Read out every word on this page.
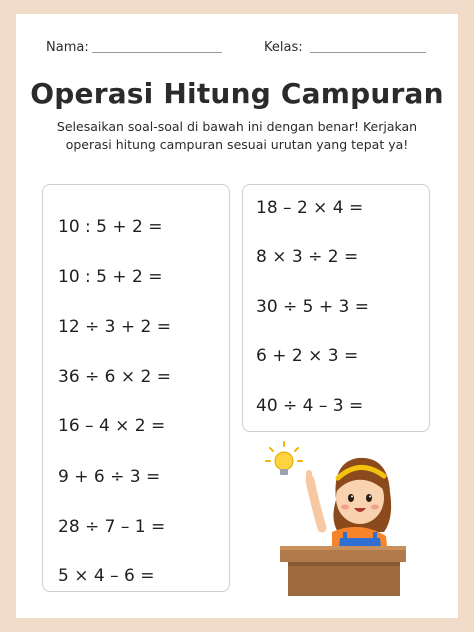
Nama:	Kelas:
Operasi Hitung Campuran
Selesaikan soal-soal di bawah ini dengan benar! Kerjakan
operasi hitung campuran sesuai urutan yang tepat ya!
10 : 5 + 2 =
10 : 5 + 2 =
12 ÷ 3 + 2 =
36 ÷ 6 × 2 =
16 – 4 × 2 =
9 + 6 ÷ 3 =
28 ÷ 7 – 1 =
5 × 4 – 6 =
18 – 2 × 4 =
8 × 3 ÷ 2 =
30 ÷ 5 + 3 =
6 + 2 × 3 =
40 ÷ 4 – 3 =
